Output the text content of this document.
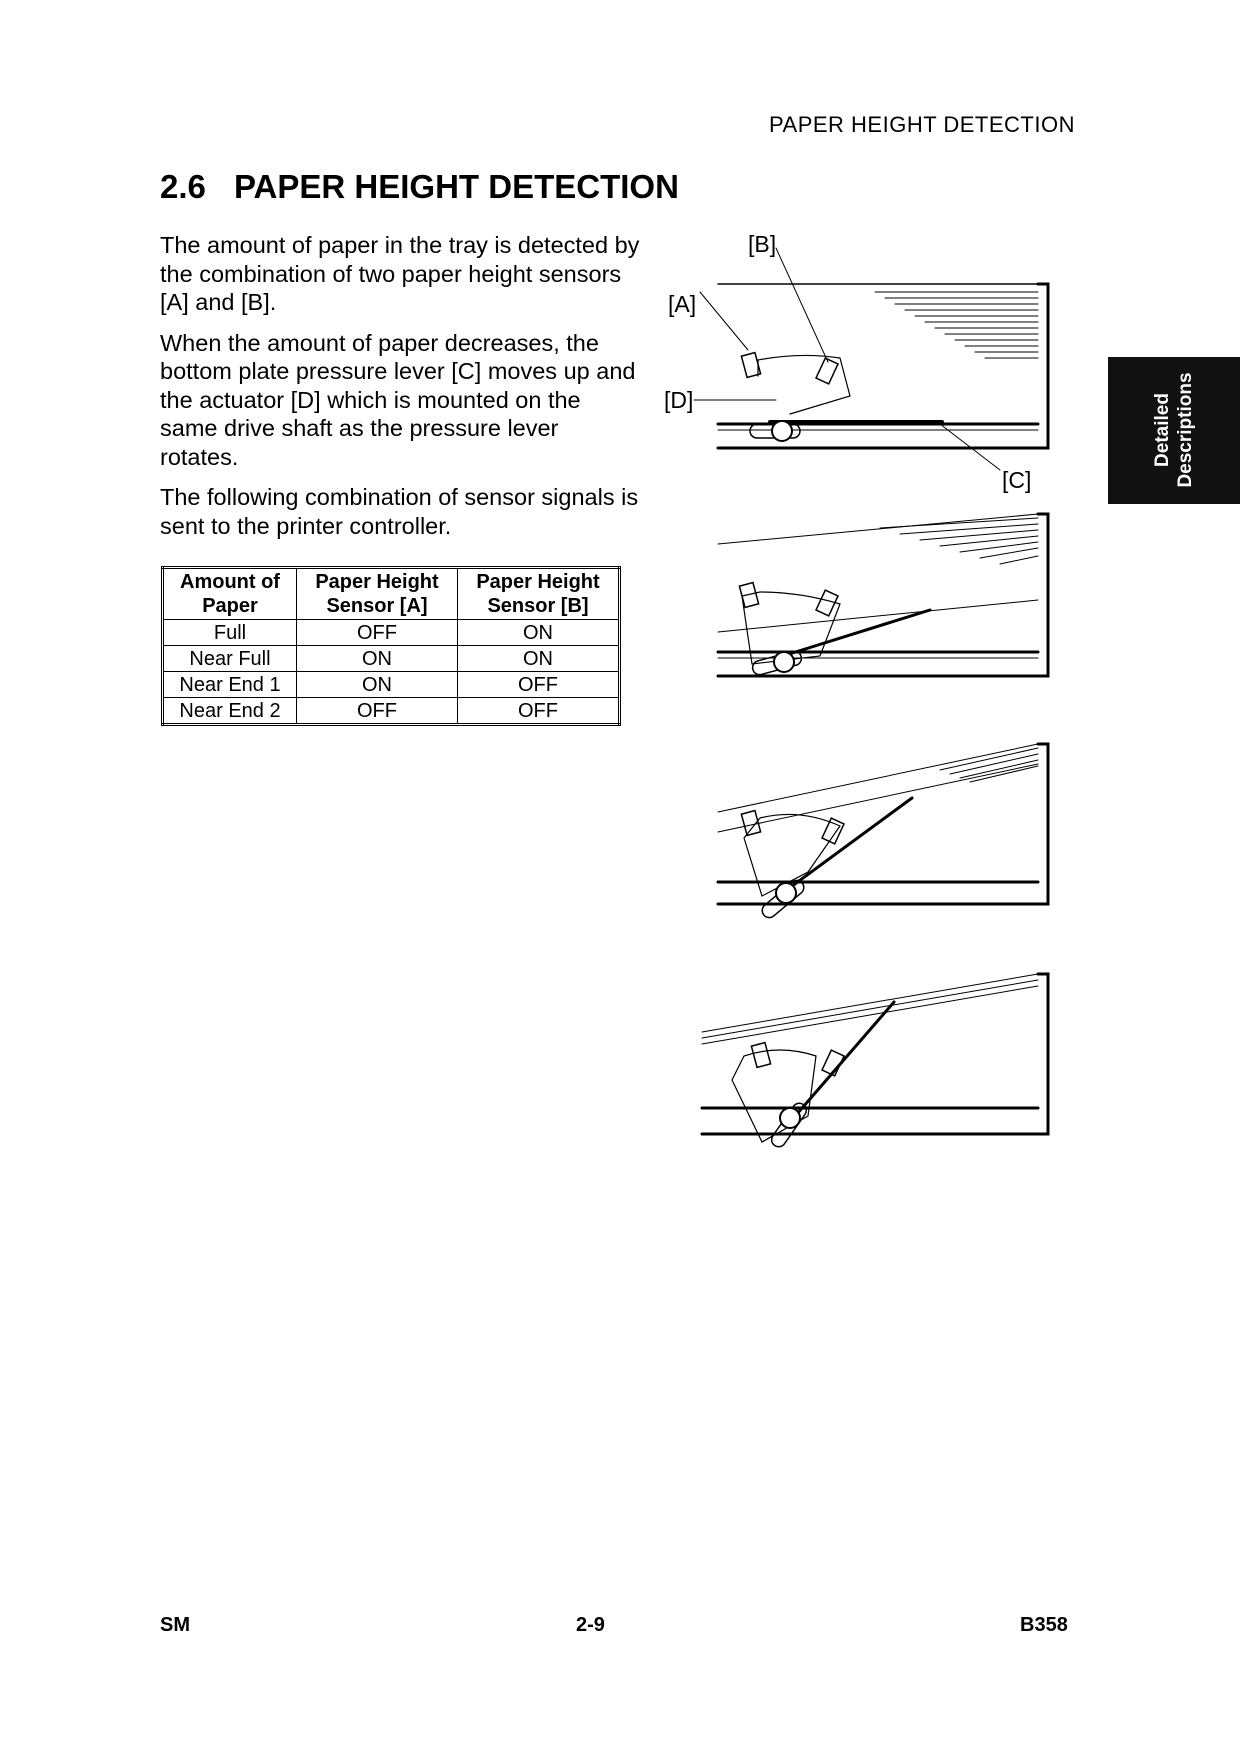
PAPER HEIGHT DETECTION
2.6 PAPER HEIGHT DETECTION

The amount of paper in the tray is detected by the combination of two paper height sensors [A] and [B].

When the amount of paper decreases, the bottom plate pressure lever [C] moves up and the actuator [D] which is mounted on the same drive shaft as the pressure lever rotates.

The following combination of sensor signals is sent to the printer controller.

Amount of Paper	Paper Height Sensor [A]	Paper Height Sensor [B]
Full	OFF	ON
Near Full	ON	ON
Near End 1	ON	OFF
Near End 2	OFF	OFF
Detailed Descriptions
[B]
[A]
[D]
[C]
SM	2-9	B358
